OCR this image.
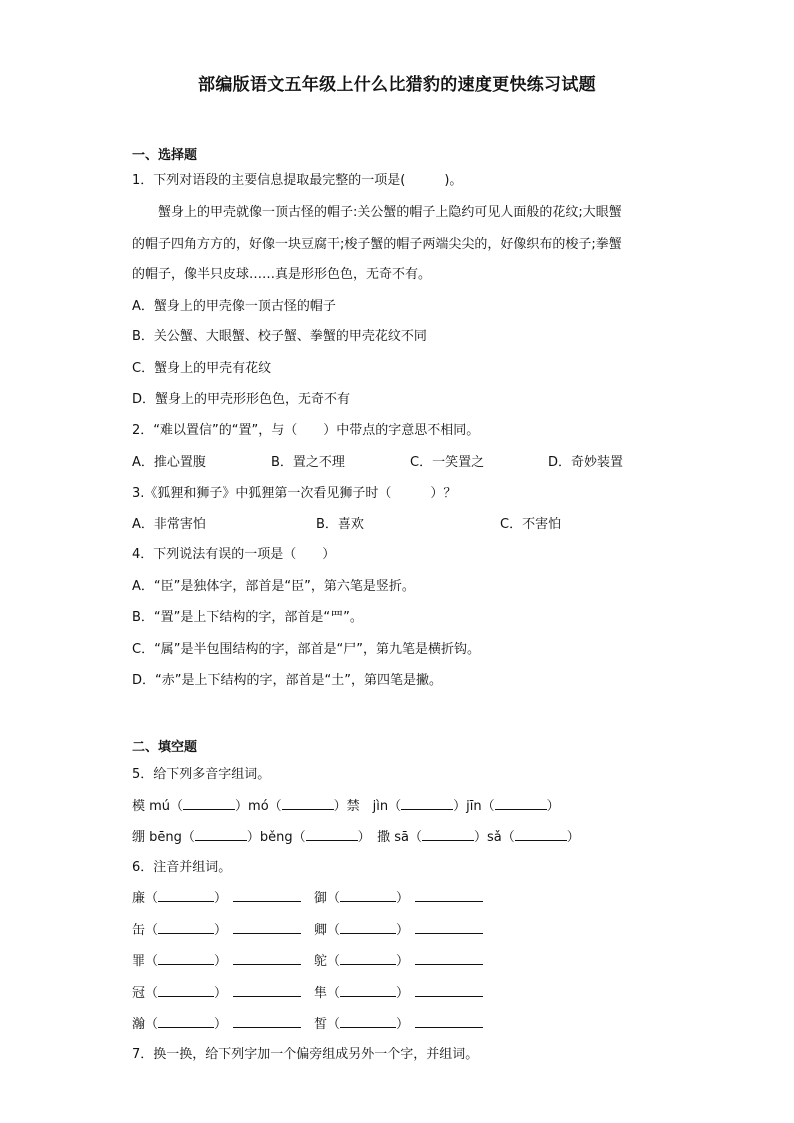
部编版语文五年级上什么比猎豹的速度更快练习试题
一、选择题
1．下列对语段的主要信息提取最完整的一项是(　　　)。
蟹身上的甲壳就像一顶古怪的帽子:关公蟹的帽子上隐约可见人面般的花纹;大眼蟹
的帽子四角方方的，好像一块豆腐干;梭子蟹的帽子两端尖尖的，好像织布的梭子;拳蟹
的帽子，像半只皮球……真是形形色色，无奇不有。
A．蟹身上的甲壳像一顶古怪的帽子
B．关公蟹、大眼蟹、校子蟹、拳蟹的甲壳花纹不同
C．蟹身上的甲壳有花纹
D．蟹身上的甲壳形形色色，无奇不有
2．“难以置信”的“置”，与（　　）中带点的字意思不相同。
A．推心置腹	B．置之不理	C．一笑置之	D．奇妙装置
3.《狐狸和狮子》中狐狸第一次看见狮子时（　　　）？
A．非常害怕	B．喜欢	C．不害怕
4．下列说法有误的一项是（　　）
A．“臣”是独体字，部首是“臣”，第六笔是竖折。
B．“置”是上下结构的字，部首是“罒”。
C．“属”是半包围结构的字，部首是“尸”，第九笔是横折钩。
D．“赤”是上下结构的字，部首是“土”，第四笔是撇。
二、填空题
5．给下列多音字组词。
模 mú（	）mó（	）禁　jìn（	）jīn（	）
绷 bēng（	）běng（	）　撒 sā（	）sǎ（	）
6．注音并组词。
廉（	）	御（	）
缶（	）	卿（	）
罪（	）	鸵（	）
冠（	）	隼（	）
瀚（	）	皙（	）
7．换一换，给下列字加一个偏旁组成另外一个字，并组词。
